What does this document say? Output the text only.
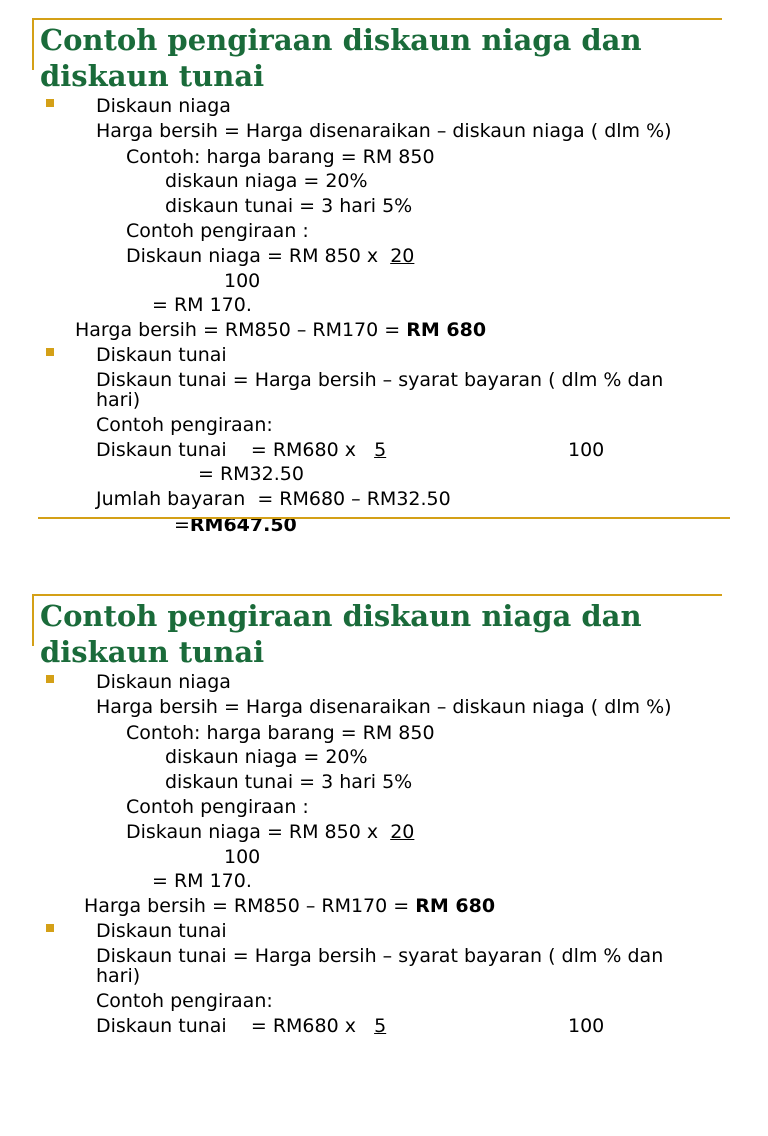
Contoh pengiraan diskaun niaga dan
diskaun tunai
Diskaun niaga
Harga bersih = Harga disenaraikan – diskaun niaga ( dlm %)
Contoh: harga barang = RM 850
diskaun niaga = 20%
diskaun tunai = 3 hari 5%
Contoh pengiraan :
Diskaun niaga = RM 850 x  20
100
= RM 170.
Harga bersih = RM850 – RM170 = RM 680
Diskaun tunai
Diskaun tunai = Harga bersih – syarat bayaran ( dlm % dan
hari)
Contoh pengiraan:
Diskaun tunai    = RM680 x   5	100
= RM32.50
Jumlah bayaran  = RM680 – RM32.50
=RM647.50
Contoh pengiraan diskaun niaga dan
diskaun tunai
Diskaun niaga
Harga bersih = Harga disenaraikan – diskaun niaga ( dlm %)
Contoh: harga barang = RM 850
diskaun niaga = 20%
diskaun tunai = 3 hari 5%
Contoh pengiraan :
Diskaun niaga = RM 850 x  20
100
= RM 170.
Harga bersih = RM850 – RM170 = RM 680
Diskaun tunai
Diskaun tunai = Harga bersih – syarat bayaran ( dlm % dan
hari)
Contoh pengiraan:
Diskaun tunai    = RM680 x   5	100
